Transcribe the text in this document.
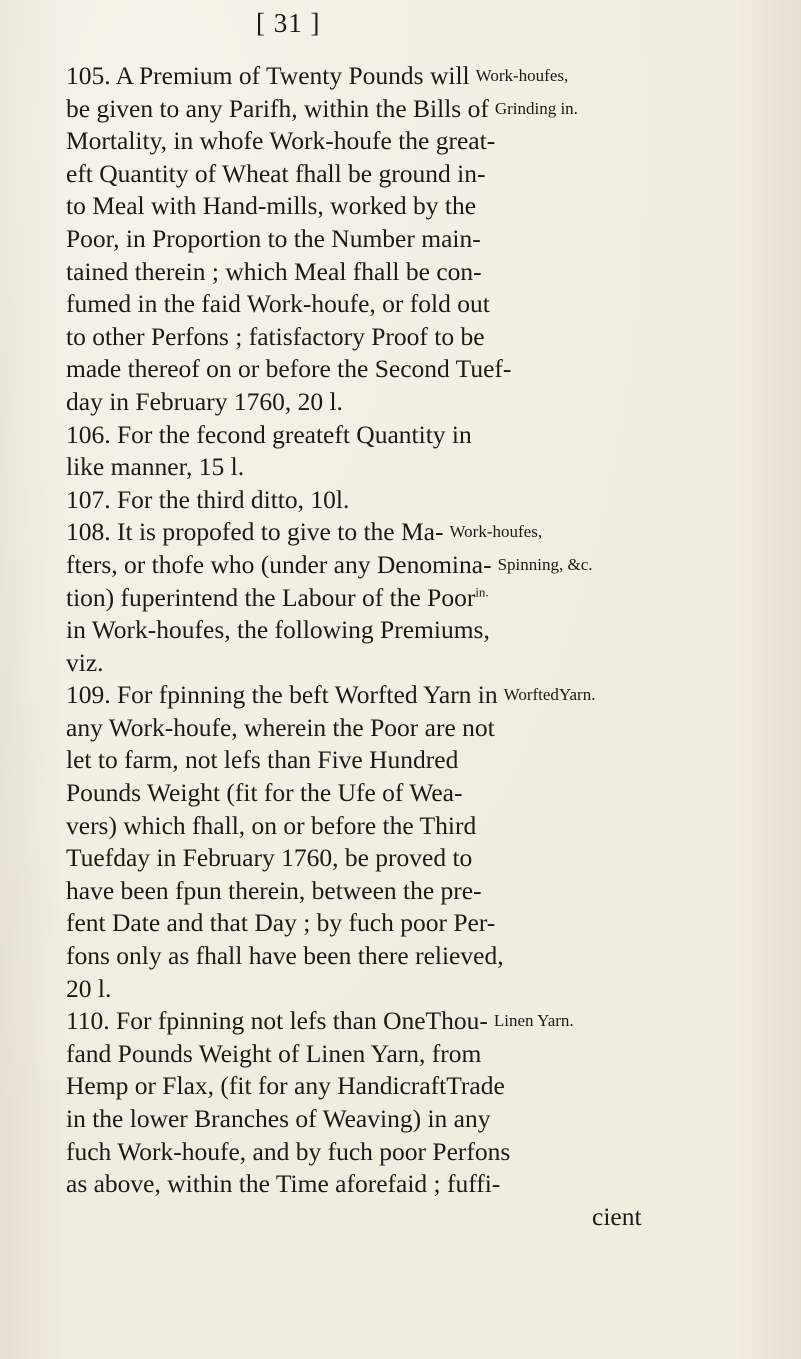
[ 31 ]
105. A Premium of Twenty Pounds will Work-houfes,
be given to any Parifh, within the Bills of Grinding in.
Mortality, in whofe Work-houfe the great-
eft Quantity of Wheat fhall be ground in-
to Meal with Hand-mills, worked by the
Poor, in Proportion to the Number main-
tained therein ; which Meal fhall be con-
fumed in the faid Work-houfe, or fold out
to other Perfons ; fatisfactory Proof to be
made thereof on or before the Second Tuef-
day in February 1760, 20 l.
106. For the fecond greateft Quantity in
like manner, 15 l.
107. For the third ditto, 10l.
108. It is propofed to give to the Ma- Work-houfes,
fters, or thofe who (under any Denomina- Spinning, &c.
tion) fuperintend the Labour of the Poor$^{in.}$
in Work-houfes, the following Premiums,
viz.
109. For fpinning the beft Worfted Yarn in WorftedYarn.
any Work-houfe, wherein the Poor are not
let to farm, not lefs than Five Hundred
Pounds Weight (fit for the Ufe of Wea-
vers) which fhall, on or before the Third
Tuefday in February 1760, be proved to
have been fpun therein, between the pre-
fent Date and that Day ; by fuch poor Per-
fons only as fhall have been there relieved,
20 l.
110. For fpinning not lefs than OneThou- Linen Yarn.
fand Pounds Weight of Linen Yarn, from
Hemp or Flax, (fit for any HandicraftTrade
in the lower Branches of Weaving) in any
fuch Work-houfe, and by fuch poor Perfons
as above, within the Time aforefaid ; fuffi-
cient
